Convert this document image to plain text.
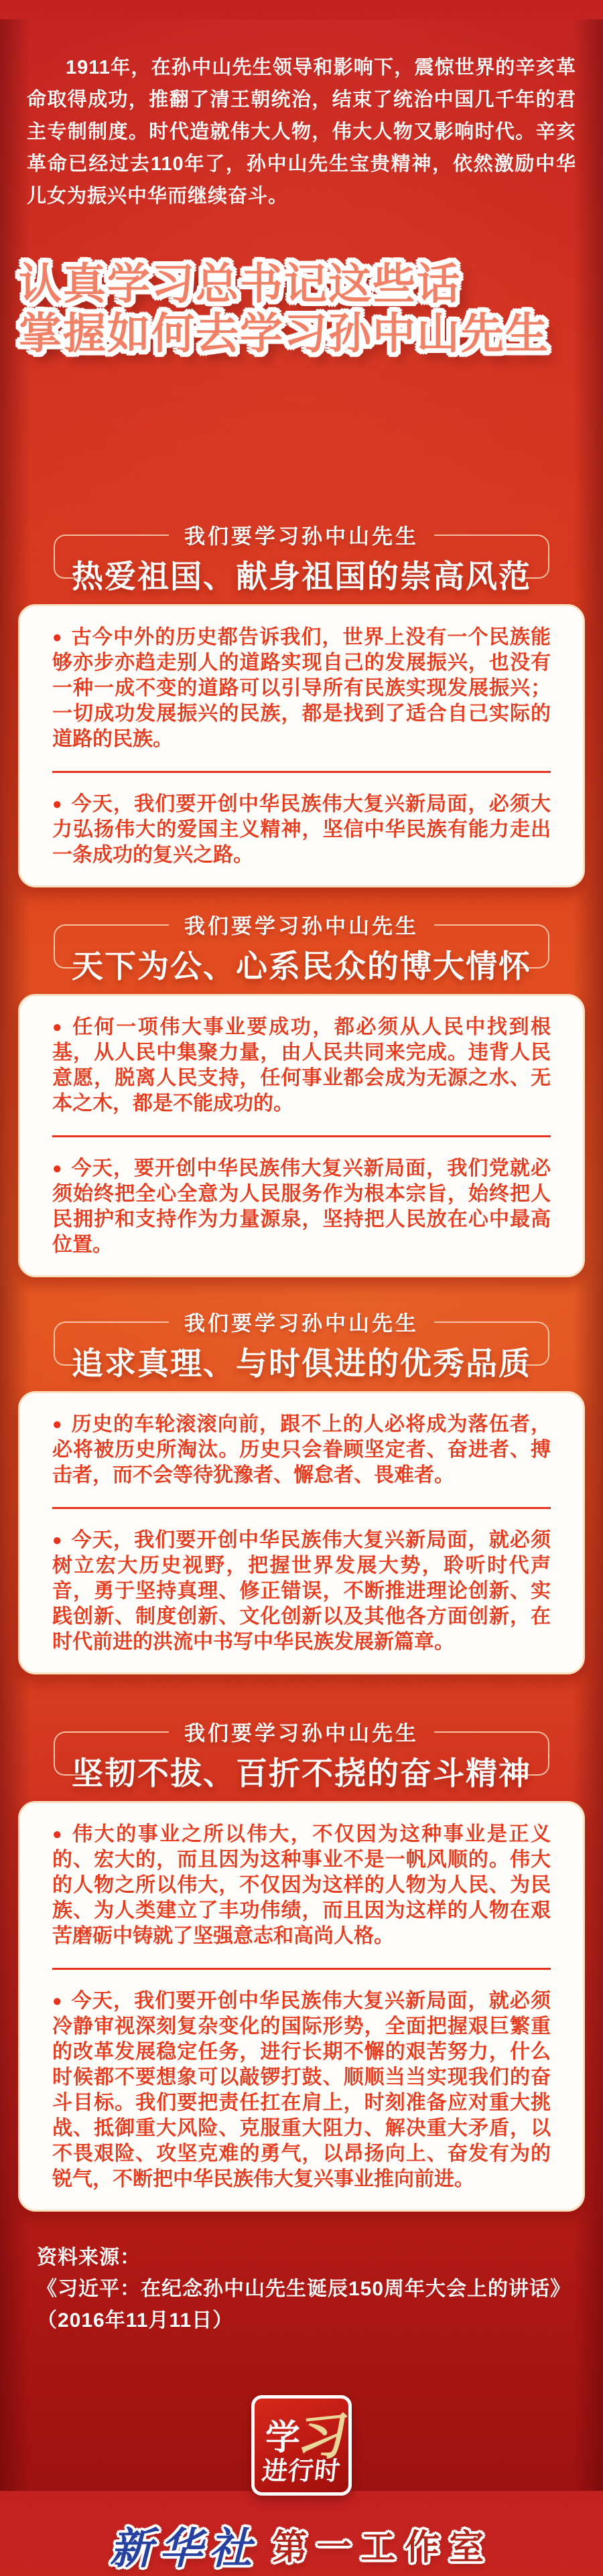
1911年，在孙中山先生领导和影响下，震惊世界的辛亥革命取得成功，推翻了清王朝统治，结束了统治中国几千年的君主专制制度。时代造就伟大人物，伟大人物又影响时代。辛亥革命已经过去110年了，孙中山先生宝贵精神，依然激励中华儿女为振兴中华而继续奋斗。

认真学习总书记这些话
掌握如何去学习孙中山先生
我们要学习孙中山先生
热爱祖国、献身祖国的崇高风范

● 古今中外的历史都告诉我们，世界上没有一个民族能够亦步亦趋走别人的道路实现自己的发展振兴，也没有一种一成不变的道路可以引导所有民族实现发展振兴；一切成功发展振兴的民族，都是找到了适合自己实际的道路的民族。

● 今天，我们要开创中华民族伟大复兴新局面，必须大力弘扬伟大的爱国主义精神，坚信中华民族有能力走出一条成功的复兴之路。

我们要学习孙中山先生
天下为公、心系民众的博大情怀

● 任何一项伟大事业要成功，都必须从人民中找到根基，从人民中集聚力量，由人民共同来完成。违背人民意愿，脱离人民支持，任何事业都会成为无源之水、无本之木，都是不能成功的。

● 今天，要开创中华民族伟大复兴新局面，我们党就必须始终把全心全意为人民服务作为根本宗旨，始终把人民拥护和支持作为力量源泉，坚持把人民放在心中最高位置。

我们要学习孙中山先生
追求真理、与时俱进的优秀品质

● 历史的车轮滚滚向前，跟不上的人必将成为落伍者，必将被历史所淘汰。历史只会眷顾坚定者、奋进者、搏击者，而不会等待犹豫者、懈怠者、畏难者。

● 今天，我们要开创中华民族伟大复兴新局面，就必须树立宏大历史视野，把握世界发展大势，聆听时代声音，勇于坚持真理、修正错误，不断推进理论创新、实践创新、制度创新、文化创新以及其他各方面创新，在时代前进的洪流中书写中华民族发展新篇章。

我们要学习孙中山先生
坚韧不拔、百折不挠的奋斗精神

● 伟大的事业之所以伟大，不仅因为这种事业是正义的、宏大的，而且因为这种事业不是一帆风顺的。伟大的人物之所以伟大，不仅因为这样的人物为人民、为民族、为人类建立了丰功伟绩，而且因为这样的人物在艰苦磨砺中铸就了坚强意志和高尚人格。

● 今天，我们要开创中华民族伟大复兴新局面，就必须冷静审视深刻复杂变化的国际形势，全面把握艰巨繁重的改革发展稳定任务，进行长期不懈的艰苦努力，什么时候都不要想象可以敲锣打鼓、顺顺当当实现我们的奋斗目标。我们要把责任扛在肩上，时刻准备应对重大挑战、抵御重大风险、克服重大阻力、解决重大矛盾，以不畏艰险、攻坚克难的勇气，以昂扬向上、奋发有为的锐气，不断把中华民族伟大复兴事业推向前进。

资料来源：
《习近平：在纪念孙中山先生诞辰150周年大会上的讲话》
（2016年11月11日）
学
习
进行时
新华社 第一工作室
